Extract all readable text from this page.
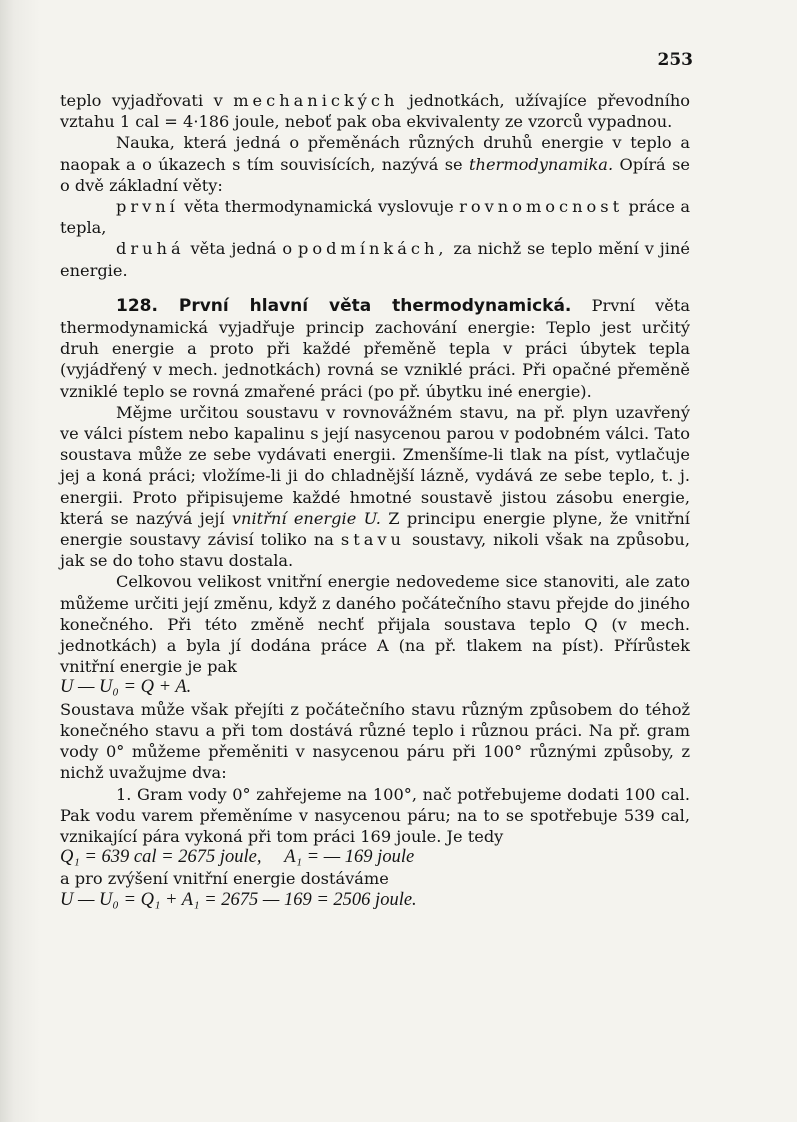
253

teplo vyjadřovati v mechanických jednotkách, užívajíce převodního vztahu 1 cal = 4·186 joule, neboť pak oba ekvivalenty ze vzorců vypadnou.

Nauka, která jedná o přeměnách různých druhů energie v teplo a naopak a o úkazech s tím souvisících, nazývá se thermodynamika. Opírá se o dvě základní věty:

první věta thermodynamická vyslovuje rovnomocnost práce a tepla,

druhá věta jedná o podmínkách, za nichž se teplo mění v jiné energie.

128. První hlavní věta thermodynamická. První věta thermodynamická vyjadřuje princip zachování energie: Teplo jest určitý druh energie a proto při každé přeměně tepla v práci úbytek tepla (vyjádřený v mech. jednotkách) rovná se vzniklé práci. Při opačné přeměně vzniklé teplo se rovná zmařené práci (po př. úbytku iné energie).

Mějme určitou soustavu v rovnovážném stavu, na př. plyn uzavřený ve válci pístem nebo kapalinu s její nasycenou parou v podobném válci. Tato soustava může ze sebe vydávati energii. Zmenšíme-li tlak na píst, vytlačuje jej a koná práci; vložíme-li ji do chladnější lázně, vydává ze sebe teplo, t. j. energii. Proto připisujeme každé hmotné soustavě jistou zásobu energie, která se nazývá její vnitřní energie U. Z principu energie plyne, že vnitřní energie soustavy závisí toliko na stavu soustavy, nikoli však na způsobu, jak se do toho stavu dostala.

Celkovou velikost vnitřní energie nedovedeme sice stanoviti, ale zato můžeme určiti její změnu, když z daného počátečního stavu přejde do jiného konečného. Při této změně nechť přijala soustava teplo Q (v mech. jednotkách) a byla jí dodána práce A (na př. tlakem na píst). Přírůstek vnitřní energie je pak

U — U₀ = Q + A.

Soustava může však přejíti z počátečního stavu různým způsobem do téhož konečného stavu a při tom dostává různé teplo i různou práci. Na př. gram vody 0° můžeme přeměniti v nasycenou páru při 100° různými způsoby, z nichž uvažujme dva:

1. Gram vody 0° zahřejeme na 100°, nač potřebujeme dodati 100 cal. Pak vodu varem přeměníme v nasycenou páru; na to se spotřebuje 539 cal, vznikající pára vykoná při tom práci 169 joule. Je tedy

Q₁ = 639 cal = 2675 joule,     A₁ = — 169 joule

a pro zvýšení vnitřní energie dostáváme

U — U₀ = Q₁ + A₁ = 2675 — 169 = 2506 joule.
